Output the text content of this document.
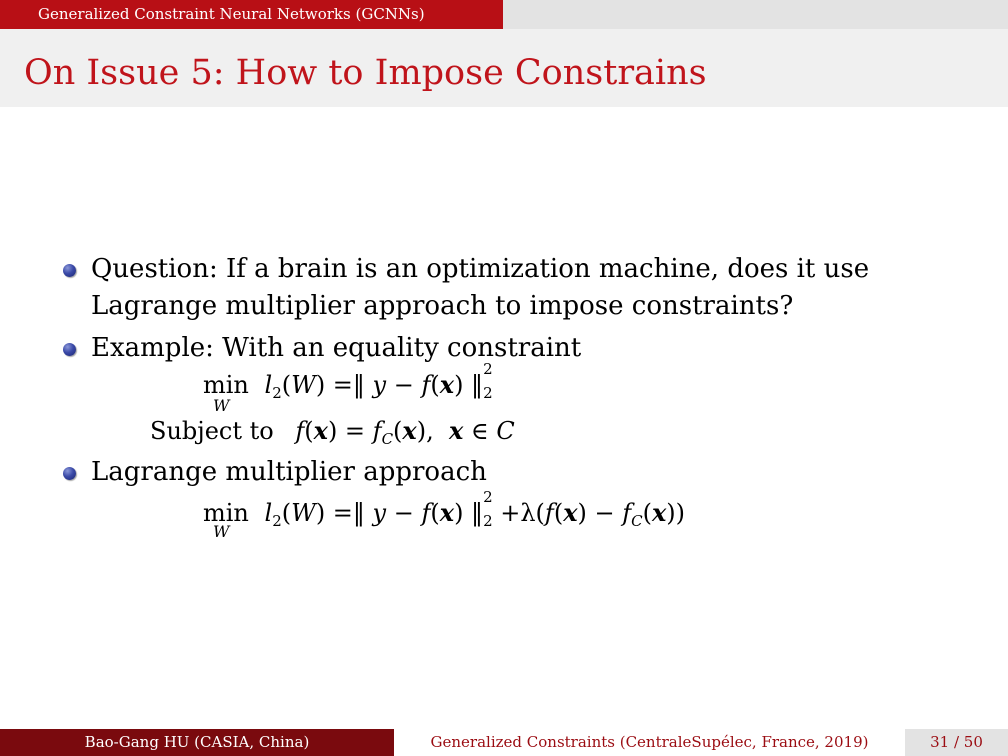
Generalized Constraint Neural Networks (GCNNs)
On Issue 5: How to Impose Constrains
Question: If a brain is an optimization machine, does it use
Lagrange multiplier approach to impose constraints?
Example: With an equality constraint
$\min l_2(W)$ =‖ y − f(x) ‖
2
$_2$
W
Subject to $f(x) = f_C(x)$,  x ∈ C
Lagrange multiplier approach
$\min l_2(W)$ =‖ y − f(x) ‖
2
$_2 +\lambda(f(x) - f_C(x))$
W
Bao-Gang HU (CASIA, China)	Generalized Constraints (CentraleSupélec, France, 2019)	31 / 50
